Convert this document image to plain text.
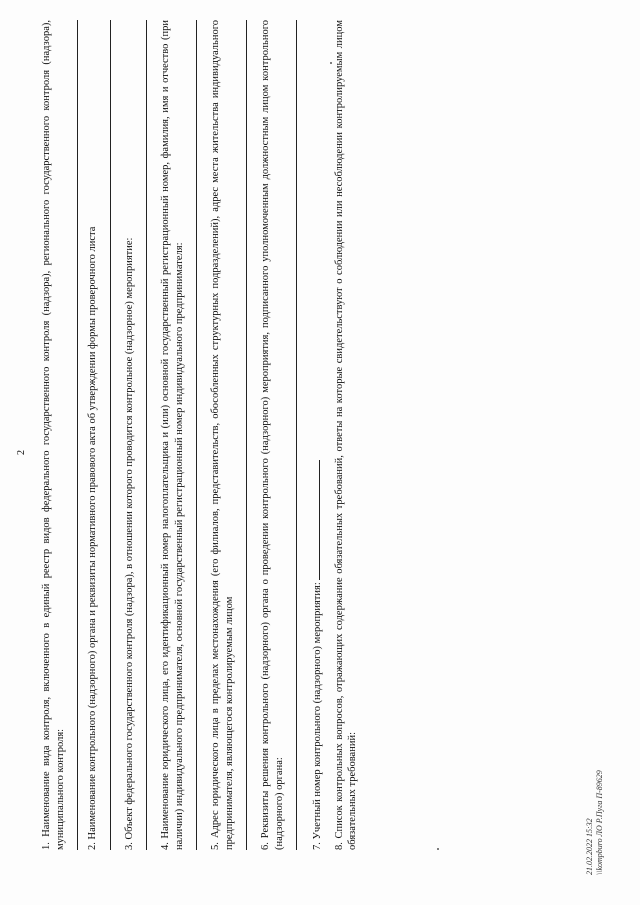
2 1. Наименование вида контроля, включенного в единый реестр видов федерального государственного контроля (надзора), регионального государственного контроля (надзора), муниципального контроля: 2. Наименование контрольного (надзорного) органа и реквизиты нормативного правового акта об утверждении формы проверочного листа 3. Объект федерального государственного контроля (надзора), в отношении которого проводится контрольное (надзорное) мероприятие: 4. Наименование юридического лица, его идентификационный номер налогоплательщика и (или) основной государственный регистрационный номер, фамилия, имя и отчество (при наличии) индивидуального предпринимателя, основной государственный регистрационный номер индивидуального предпринимателя: 5. Адрес юридического лица в пределах местонахождения (его филиалов, представительств, обособленных структурных подразделений), адрес места жительства индивидуального предпринимателя, являющегося контролируемым лицом 6. Реквизиты решения контрольного (надзорного) органа о проведении контрольного (надзорного) мероприятия, подписанного уполномоченным должностным лицом контрольного (надзорного) органа:	7. Учетный номер контрольного (надзорного) мероприятия: 8. Список контрольных вопросов, отражающих содержание обязательных требований, ответы на которые свидетельствуют о соблюдении или несоблюдении контролируемым лицом обязательных требований:	21.02.2022 15:32 \\kompburo ЛО Р.Пуга П-89629
